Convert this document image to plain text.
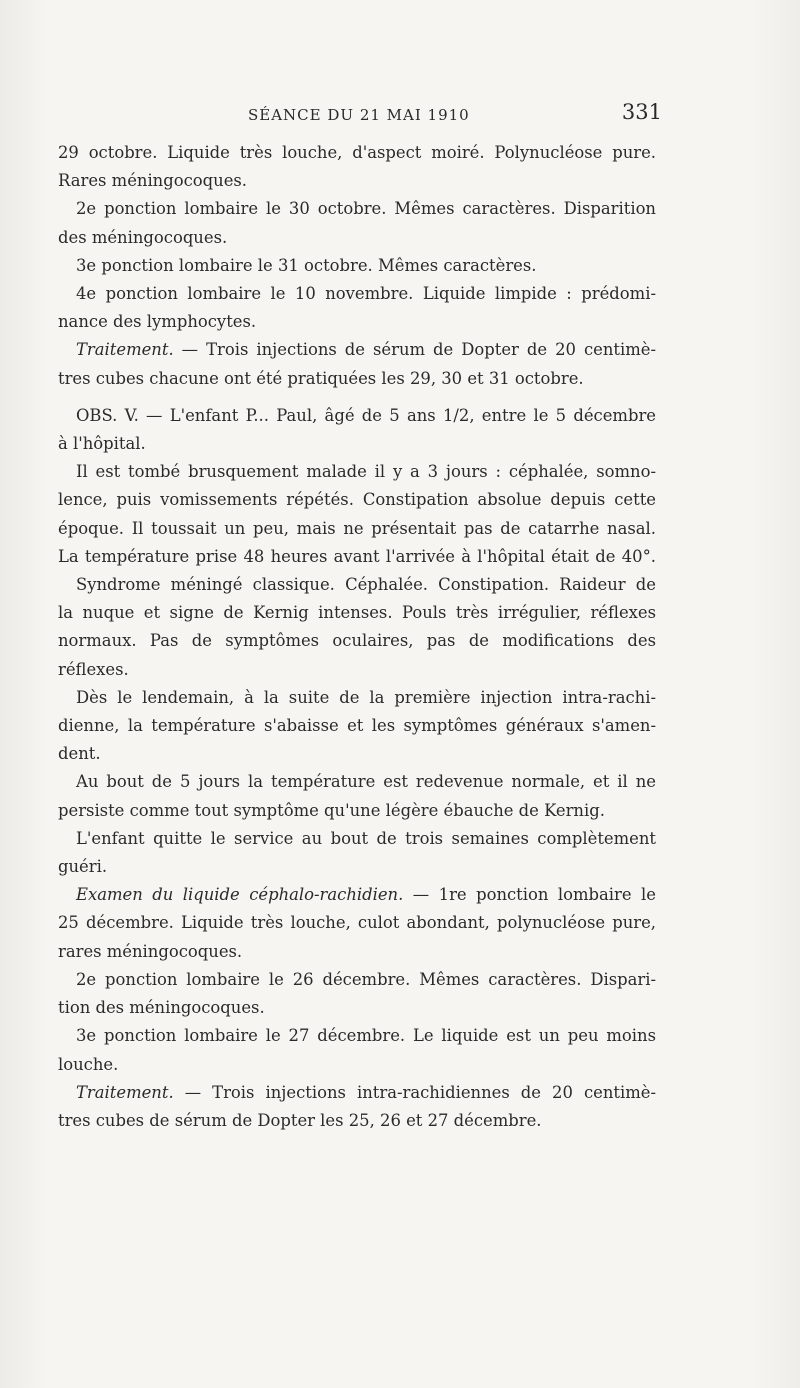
SÉANCE DU 21 MAI 1910	331
29 octobre. Liquide très louche, d'aspect moiré. Polynucléose pure.
Rares méningocoques.
2e ponction lombaire le 30 octobre. Mêmes caractères. Disparition
des méningocoques.
3e ponction lombaire le 31 octobre. Mêmes caractères.
4e ponction lombaire le 10 novembre. Liquide limpide : prédomi-
nance des lymphocytes.
Traitement. — Trois injections de sérum de Dopter de 20 centimè-
tres cubes chacune ont été pratiquées les 29, 30 et 31 octobre.
OBS. V. — L'enfant P... Paul, âgé de 5 ans 1/2, entre le 5 décembre
à l'hôpital.
Il est tombé brusquement malade il y a 3 jours : céphalée, somno-
lence, puis vomissements répétés. Constipation absolue depuis cette
époque. Il toussait un peu, mais ne présentait pas de catarrhe nasal.
La température prise 48 heures avant l'arrivée à l'hôpital était de 40°.
Syndrome méningé classique. Céphalée. Constipation. Raideur de
la nuque et signe de Kernig intenses. Pouls très irrégulier, réflexes
normaux. Pas de symptômes oculaires, pas de modifications des
réflexes.
Dès le lendemain, à la suite de la première injection intra-rachi-
dienne, la température s'abaisse et les symptômes généraux s'amen-
dent.
Au bout de 5 jours la température est redevenue normale, et il ne
persiste comme tout symptôme qu'une légère ébauche de Kernig.
L'enfant quitte le service au bout de trois semaines complètement
guéri.
Examen du liquide céphalo-rachidien. — 1re ponction lombaire le
25 décembre. Liquide très louche, culot abondant, polynucléose pure,
rares méningocoques.
2e ponction lombaire le 26 décembre. Mêmes caractères. Dispari-
tion des méningocoques.
3e ponction lombaire le 27 décembre. Le liquide est un peu moins
louche.
Traitement. — Trois injections intra-rachidiennes de 20 centimè-
tres cubes de sérum de Dopter les 25, 26 et 27 décembre.
